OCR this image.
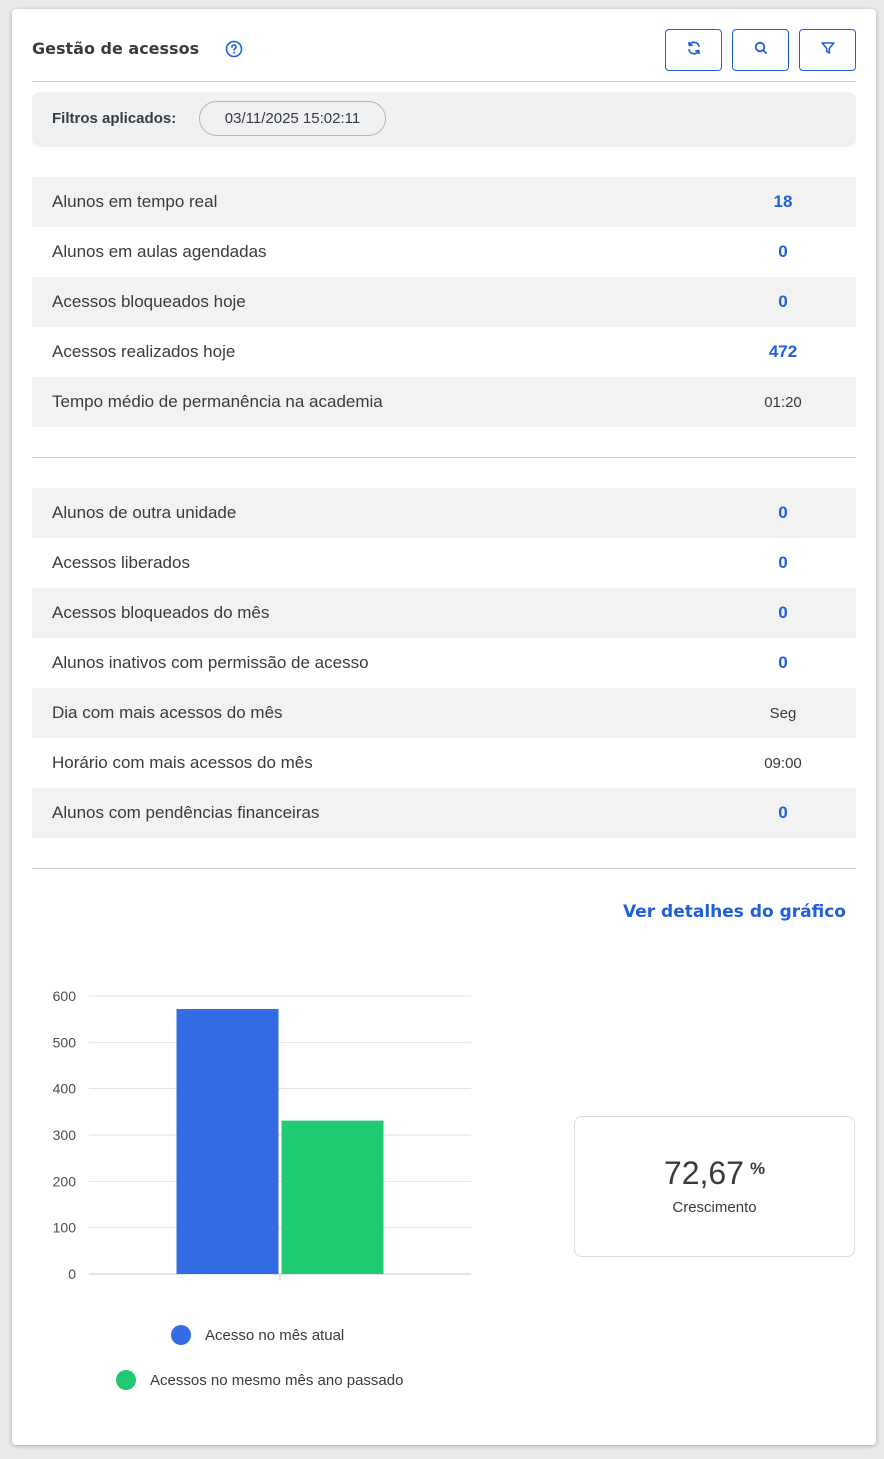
Gestão de acessos
Filtros aplicados:	03/11/2025 15:02:11
Alunos em tempo real	18
Alunos em aulas agendadas	0
Acessos bloqueados hoje	0
Acessos realizados hoje	472
Tempo médio de permanência na academia	01:20
Alunos de outra unidade	0
Acessos liberados	0
Acessos bloqueados do mês	0
Alunos inativos com permissão de acesso	0
Dia com mais acessos do mês	Seg
Horário com mais acessos do mês	09:00
Alunos com pendências financeiras	0
Ver detalhes do gráfico
0
100
200
300
400
500
600
Acesso no mês atual
Acessos no mesmo mês ano passado
72,67 %
Crescimento
